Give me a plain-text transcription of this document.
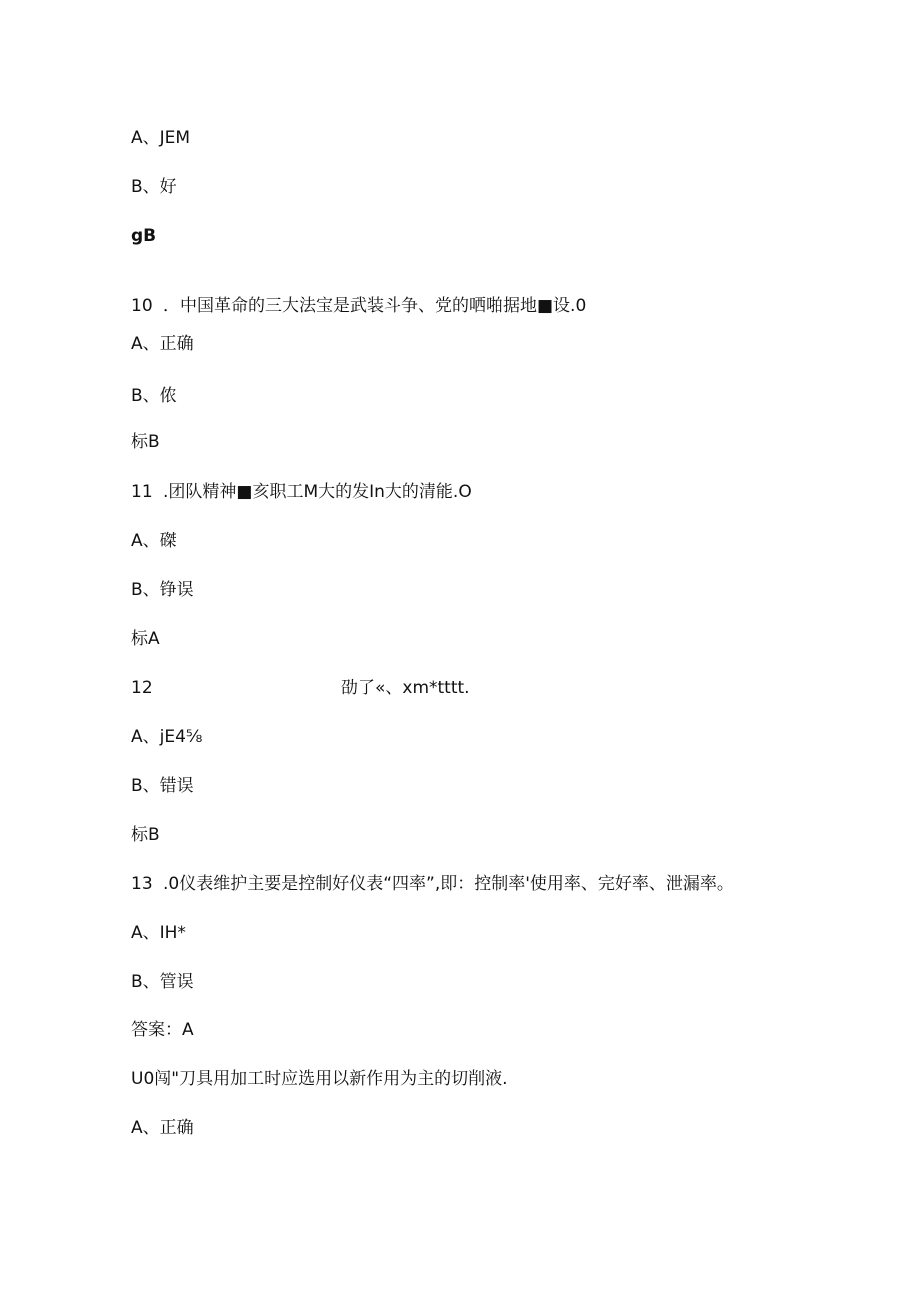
A、JEM
B、好
gB
10 ．中国革命的三大法宝是武装斗争、党的哂啪据地■设.0
A、正确
B、侬
标B
11 .团队精神■亥职工M大的发In大的清能.O
A、磔
B、铮误
标A
12	劭了«、xm*tttt.
A、jE4⅝
B、错误
标B
13 .0仪表维护主要是控制好仪表“四率”,即：控制率'使用率、完好率、泄漏率。
A、IH*
B、管误
答案：A
U0闯"刀具用加工时应选用以新作用为主的切削液.
A、正确
